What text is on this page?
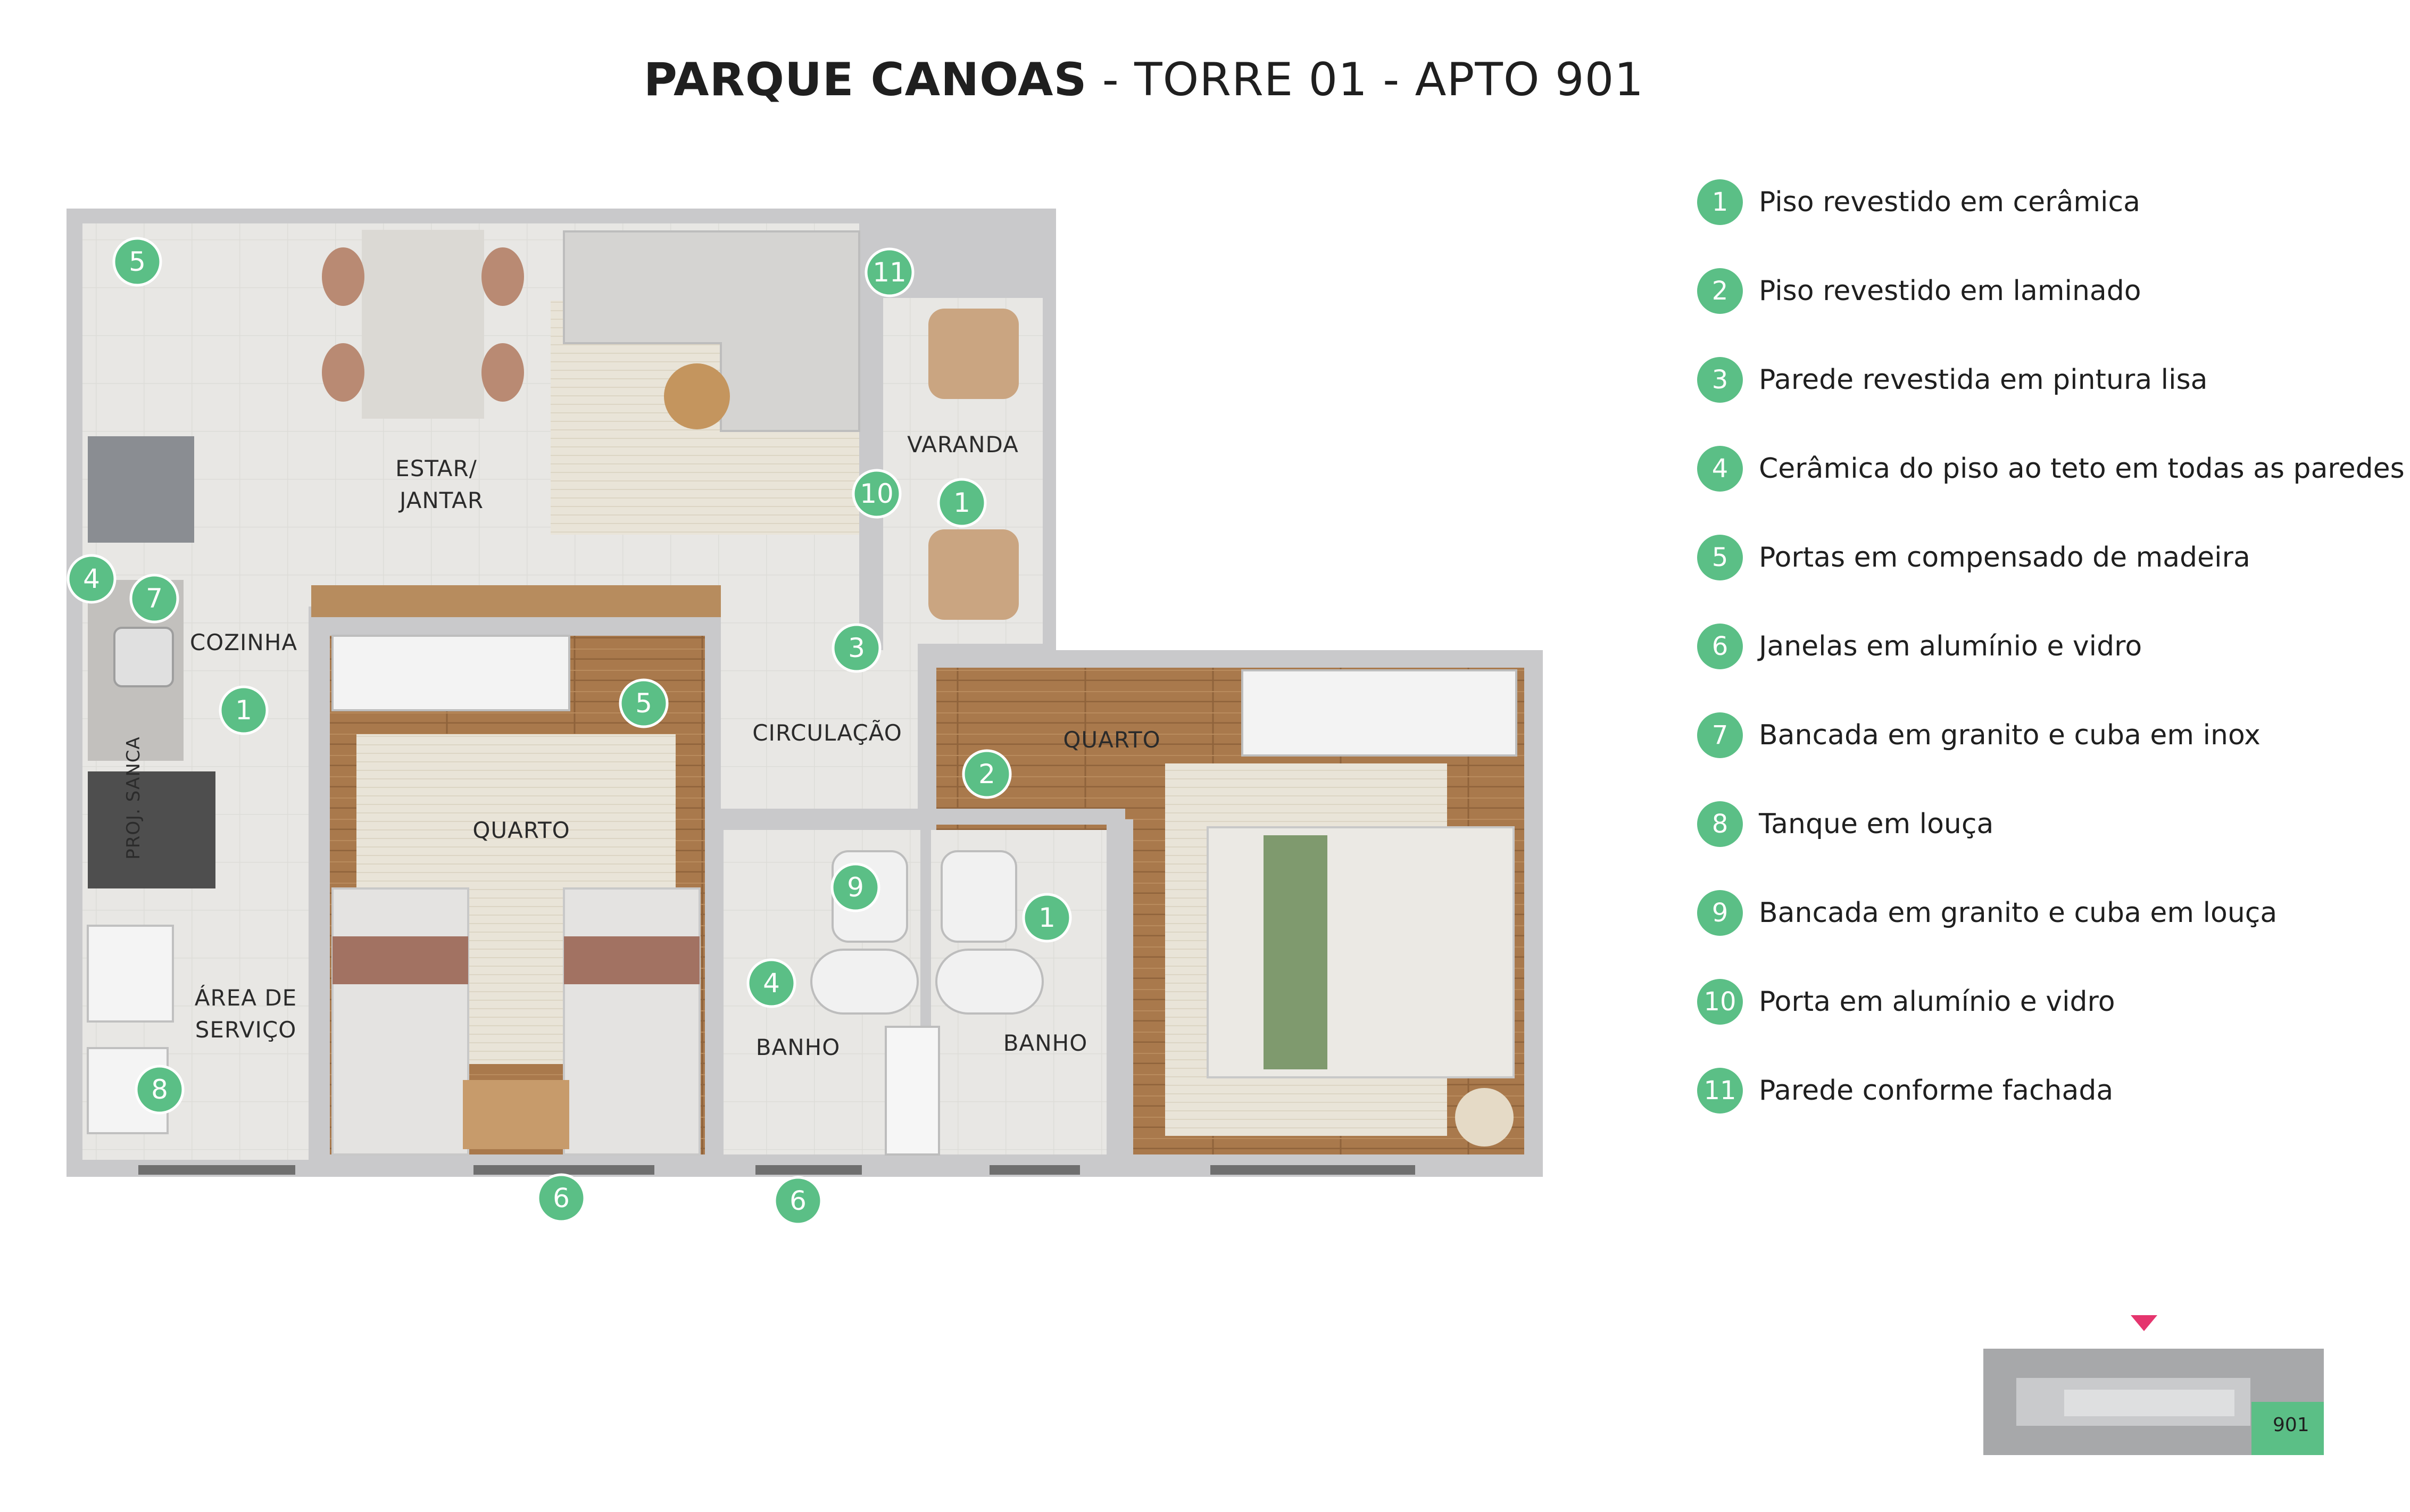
PARQUE CANOAS - TORRE 01 - APTO 901
ESTAR/
JANTAR
VARANDA
COZINHA
PROJ. SANCA
CIRCULAÇÃO
QUARTO
QUARTO
ÁREA DE
SERVIÇO
BANHO	BANHO
5	11
10 1
4
7
1	5
3
2
9
1
4
8
6	6
901
1	Piso revestido em cerâmica
2	Piso revestido em laminado
3	Parede revestida em pintura lisa
4	Cerâmica do piso ao teto em todas as paredes
5	Portas em compensado de madeira
6	Janelas em alumínio e vidro
7	Bancada em granito e cuba em inox
8	Tanque em louça
9	Bancada em granito e cuba em louça
10 Porta em alumínio e vidro
11 Parede conforme fachada
